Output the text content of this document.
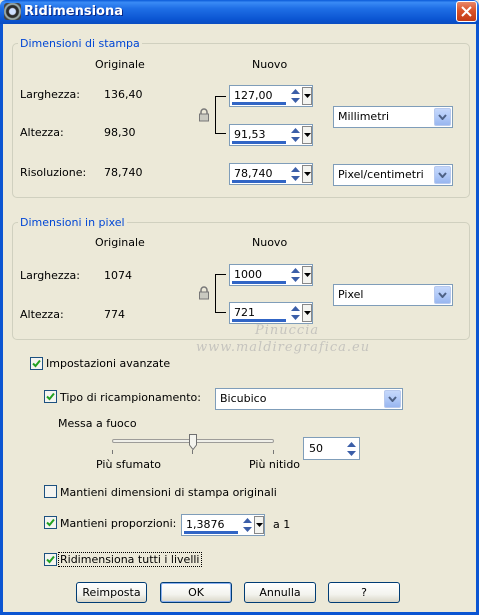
Ridimensiona
Dimensioni di stampa
Originale	Nuovo
Larghezza: 136,40	127,00
Altezza:	98,30	91,53
Millimetri
Risoluzione: 78,740	78,740	Pixel/centimetri
Dimensioni in pixel
Originale	Nuovo
Larghezza: 1074	1000
Altezza:	774	721
Pixel
Pinuccia
www.maldiregrafica.eu
Impostazioni avanzate
Tipo di ricampionamento: Bicubico
Messa a fuoco
Più sfumato	Più nitido
50
Mantieni dimensioni di stampa originali
Mantieni proporzioni: 1,3876	a 1
Ridimensiona tutti i livelli
Reimposta	OK	Annulla	?
